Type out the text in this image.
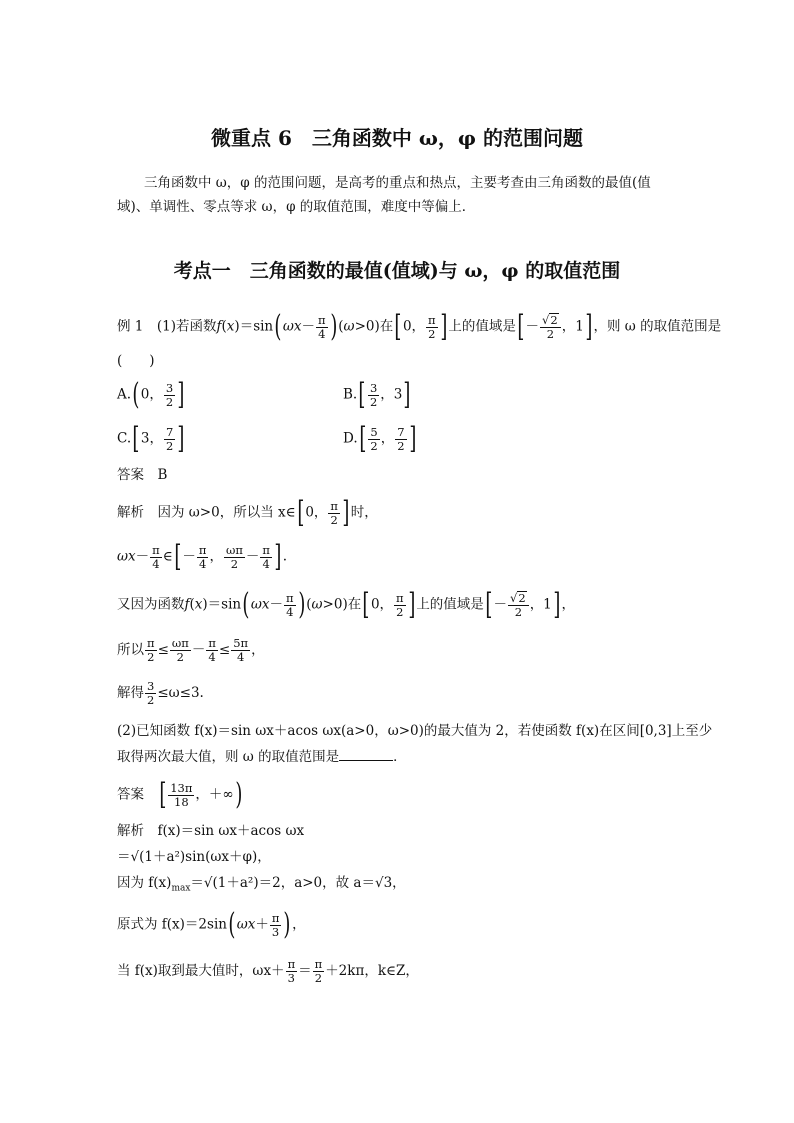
微重点 6　三角函数中 ω，φ 的范围问题
三角函数中 ω，φ 的范围问题，是高考的重点和热点，主要考查由三角函数的最值(值域)、单调性、零点等求 ω，φ 的取值范围，难度中等偏上．
考点一　三角函数的最值(值域)与 ω，φ 的取值范围
例 1　(1)若函数$f(x)=\sin(\omega x- \frac{\pi}{4} )(\omega>0)$在[0， $\frac{\pi}{2}$ ]上的值域是[－ $\frac{√2}{2}$ ，1]，则 ω 的取值范围是
(　　)
A.(0， $\frac{3}{2}$ ]	$B.[ \frac{3}{2}$ ，3]
C.[3， $\frac{7}{2}$ ]	$D.[ \frac{5}{2}$ ， $\frac{7}{2}$ ]
答案　B
解析　因为 ω>0，所以当 x∈[0， $\frac{\pi}{2}$ ]时，
$\omega x- \frac{\pi}{4}$ ∈[－ $\frac{\pi}{4}$ ， $\frac{\omega\pi}{2} - \frac{\pi}{4}$ ].
又因为函数$f(x)=\sin(\omega x- \frac{\pi}{4} )(\omega>0)$在[0， $\frac{\pi}{2}$ ]上的值域是[－ $\frac{√2}{2}$ ，1]，
所以 $\frac{\pi}{2} \le \frac{\omega\pi}{2} - \frac{\pi}{4} \le \frac{5\pi}{4}$ ，
解得 $\frac{3}{2} \le\omega\le 3$.
(2)已知函数 f(x)＝sin ωx＋acos ωx(a>0，ω>0)的最大值为 2，若使函数 f(x)在区间[0,3]上至少
取得两次最大值，则 ω 的取值范围是	．
答案　 [ $\frac{13\pi}{18}$ ，＋∞)
解析　f(x)＝sin ωx＋acos ωx
＝√(1＋a²)sin(ωx＋φ)，
因为 $f(x)_{max}=√(1+a^2)=2$，a>0，故 a＝√3，
原式为 $f(x)=2\sin(\omega x+ \frac{\pi}{3}$ )，
当 f(x)取到最大值时，$\omega x+ \frac{\pi}{3} = \frac{\pi}{2} +2k\pi$，k∈Z，
